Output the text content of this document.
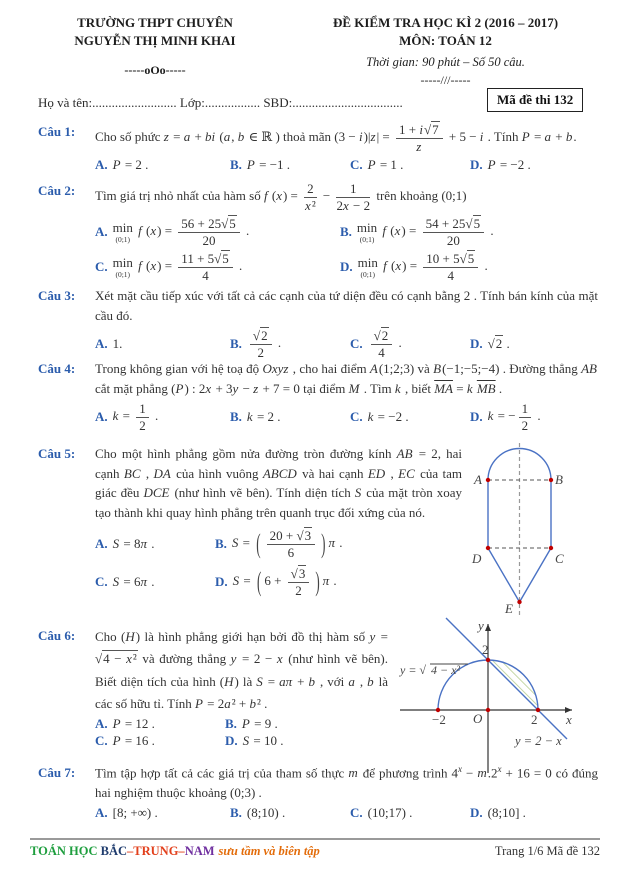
TRƯỜNG THPT CHUYÊN
NGUYỄN THỊ MINH KHAI
-----oOo-----
ĐỀ KIỂM TRA HỌC KÌ 2 (2016 – 2017)
MÔN: TOÁN 12
Thời gian: 90 phút – Số 50 câu.
-----///-----
Họ và tên:.......................... Lớp:................. SBD:..................................	Mã đề thi 132
Câu 1: Cho số phức z = a + bi (a, b ∈ ℝ ) thoả mãn $(3 - i)|z| = \frac{1 + i√7}{z} + 5 - i$ . Tính P = a + b.
A. P = 2 .	B. P = −1 .	C. P = 1 .	D. P = −2 .
Câu 2: Tìm giá trị nhỏ nhất của hàm số f $(x) = \frac{2}{\text{x²}} - \frac{1}{2x - 2}$ trên khoảng (0;1)
A. min
(0;1)
f $(x) = \frac{56 + 25√5}{20}$ .	B. min
(0;1)
f $(x) = \frac{54 + 25√5}{20}$ .
C. min
(0;1)
f $(x) = \frac{11 + 5√5}{4}$ .	D. min
(0;1)
f $(x) = \frac{10 + 5√5}{4}$ .
Câu 3: Xét mặt cầu tiếp xúc với tất cả các cạnh của tứ diện đều có cạnh bằng 2 . Tính bán kính của mặt cầu đó.
A. 1.	B. $\frac{√2}{2}$ .	C. $\frac{√2}{4}$ .	D. √2 .
Câu 4: Trong không gian với hệ toạ độ Oxyz , cho hai điểm A(1;2;3) và B(−1;−5;−4) . Đường thẳng AB cắt mặt phẳng (P) : 2x + 3y − z + 7 = 0 tại điểm M . Tìm k , biết $\overline{MA} = k$ $\overline{MB}$ .
A. $k = \frac{1}{2}$ .	B. k = 2 .	C. k = −2 .	D. k = − $\frac{1}{2}$ .
Câu 5: Cho một hình phẳng gồm nửa đường tròn đường kính AB = 2, hai cạnh BC , DA của hình vuông ABCD và hai cạnh ED , EC của tam giác đều DCE (như hình vẽ bên). Tính diện tích S của mặt tròn xoay tạo thành khi quay hình phẳng trên quanh trục đối xứng của nó.
A. S = 8π .	B. S = ( $\frac{20 + √3}{6}$ ) π .
C. S = 6π .	D. S = ( $6 + \frac{√3}{2}$ ) π .
A	B
D	C
E
Câu 6: Cho (H) là hình phẳng giới hạn bởi đồ thị hàm số y = √4 − x² và đường thẳng y = 2 − x (như hình vẽ bên). Biết diện tích của hình (H) là S = aπ + b , với a , b là các số hữu tỉ. Tính P = 2a² + b² .
A. P = 12 .	B. P = 9 .
C. P = 16 .	D. S = 10 .
y
x
O
2
−2	2
y = √ 4 − x²
y = 2 − x
Câu 7: Tìm tập hợp tất cả các giá trị của tham số thực m để phương trình $4^x - m.2^x + 16 = 0$ có đúng hai nghiệm thuộc khoảng (0;3) .
A. [8; +∞) .	B. (8;10) .	C. (10;17) .	D. (8;10] .
TOÁN HỌC BẮC–TRUNG–NAM sưu tầm và biên tập	Trang 1/6 Mã đề 132
